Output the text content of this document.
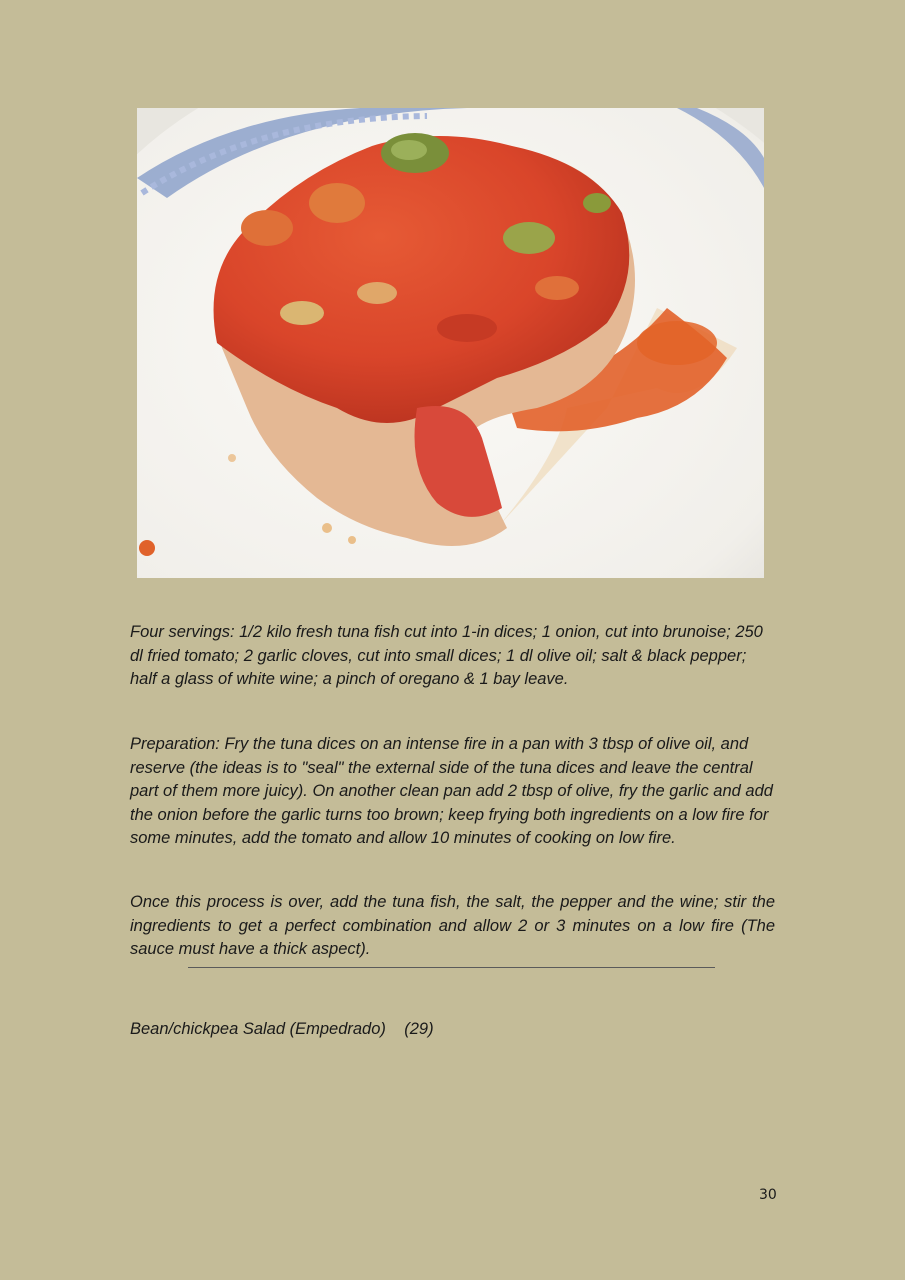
Four servings: 1/2 kilo fresh tuna fish cut into 1-in dices; 1 onion, cut into brunoise; 250 dl fried tomato; 2 garlic cloves, cut into small dices; 1 dl olive oil; salt & black pepper; half a glass of white wine; a pinch of oregano & 1 bay leave.

Preparation: Fry the tuna dices on an intense fire in a pan with 3 tbsp of olive oil, and reserve (the ideas is to "seal" the external side of the tuna dices and leave the central part of them more juicy). On another clean pan add 2 tbsp of olive, fry the garlic and add the onion before the garlic turns too brown; keep frying both ingredients on a low fire for some minutes, add the tomato and allow 10 minutes of cooking on low fire.

Once this process is over, add the tuna fish, the salt, the pepper and the wine; stir the ingredients to get a perfect combination and allow 2 or 3 minutes on a low fire (The sauce must have a thick aspect).

Bean/chickpea Salad (Empedrado)    (29)
30
